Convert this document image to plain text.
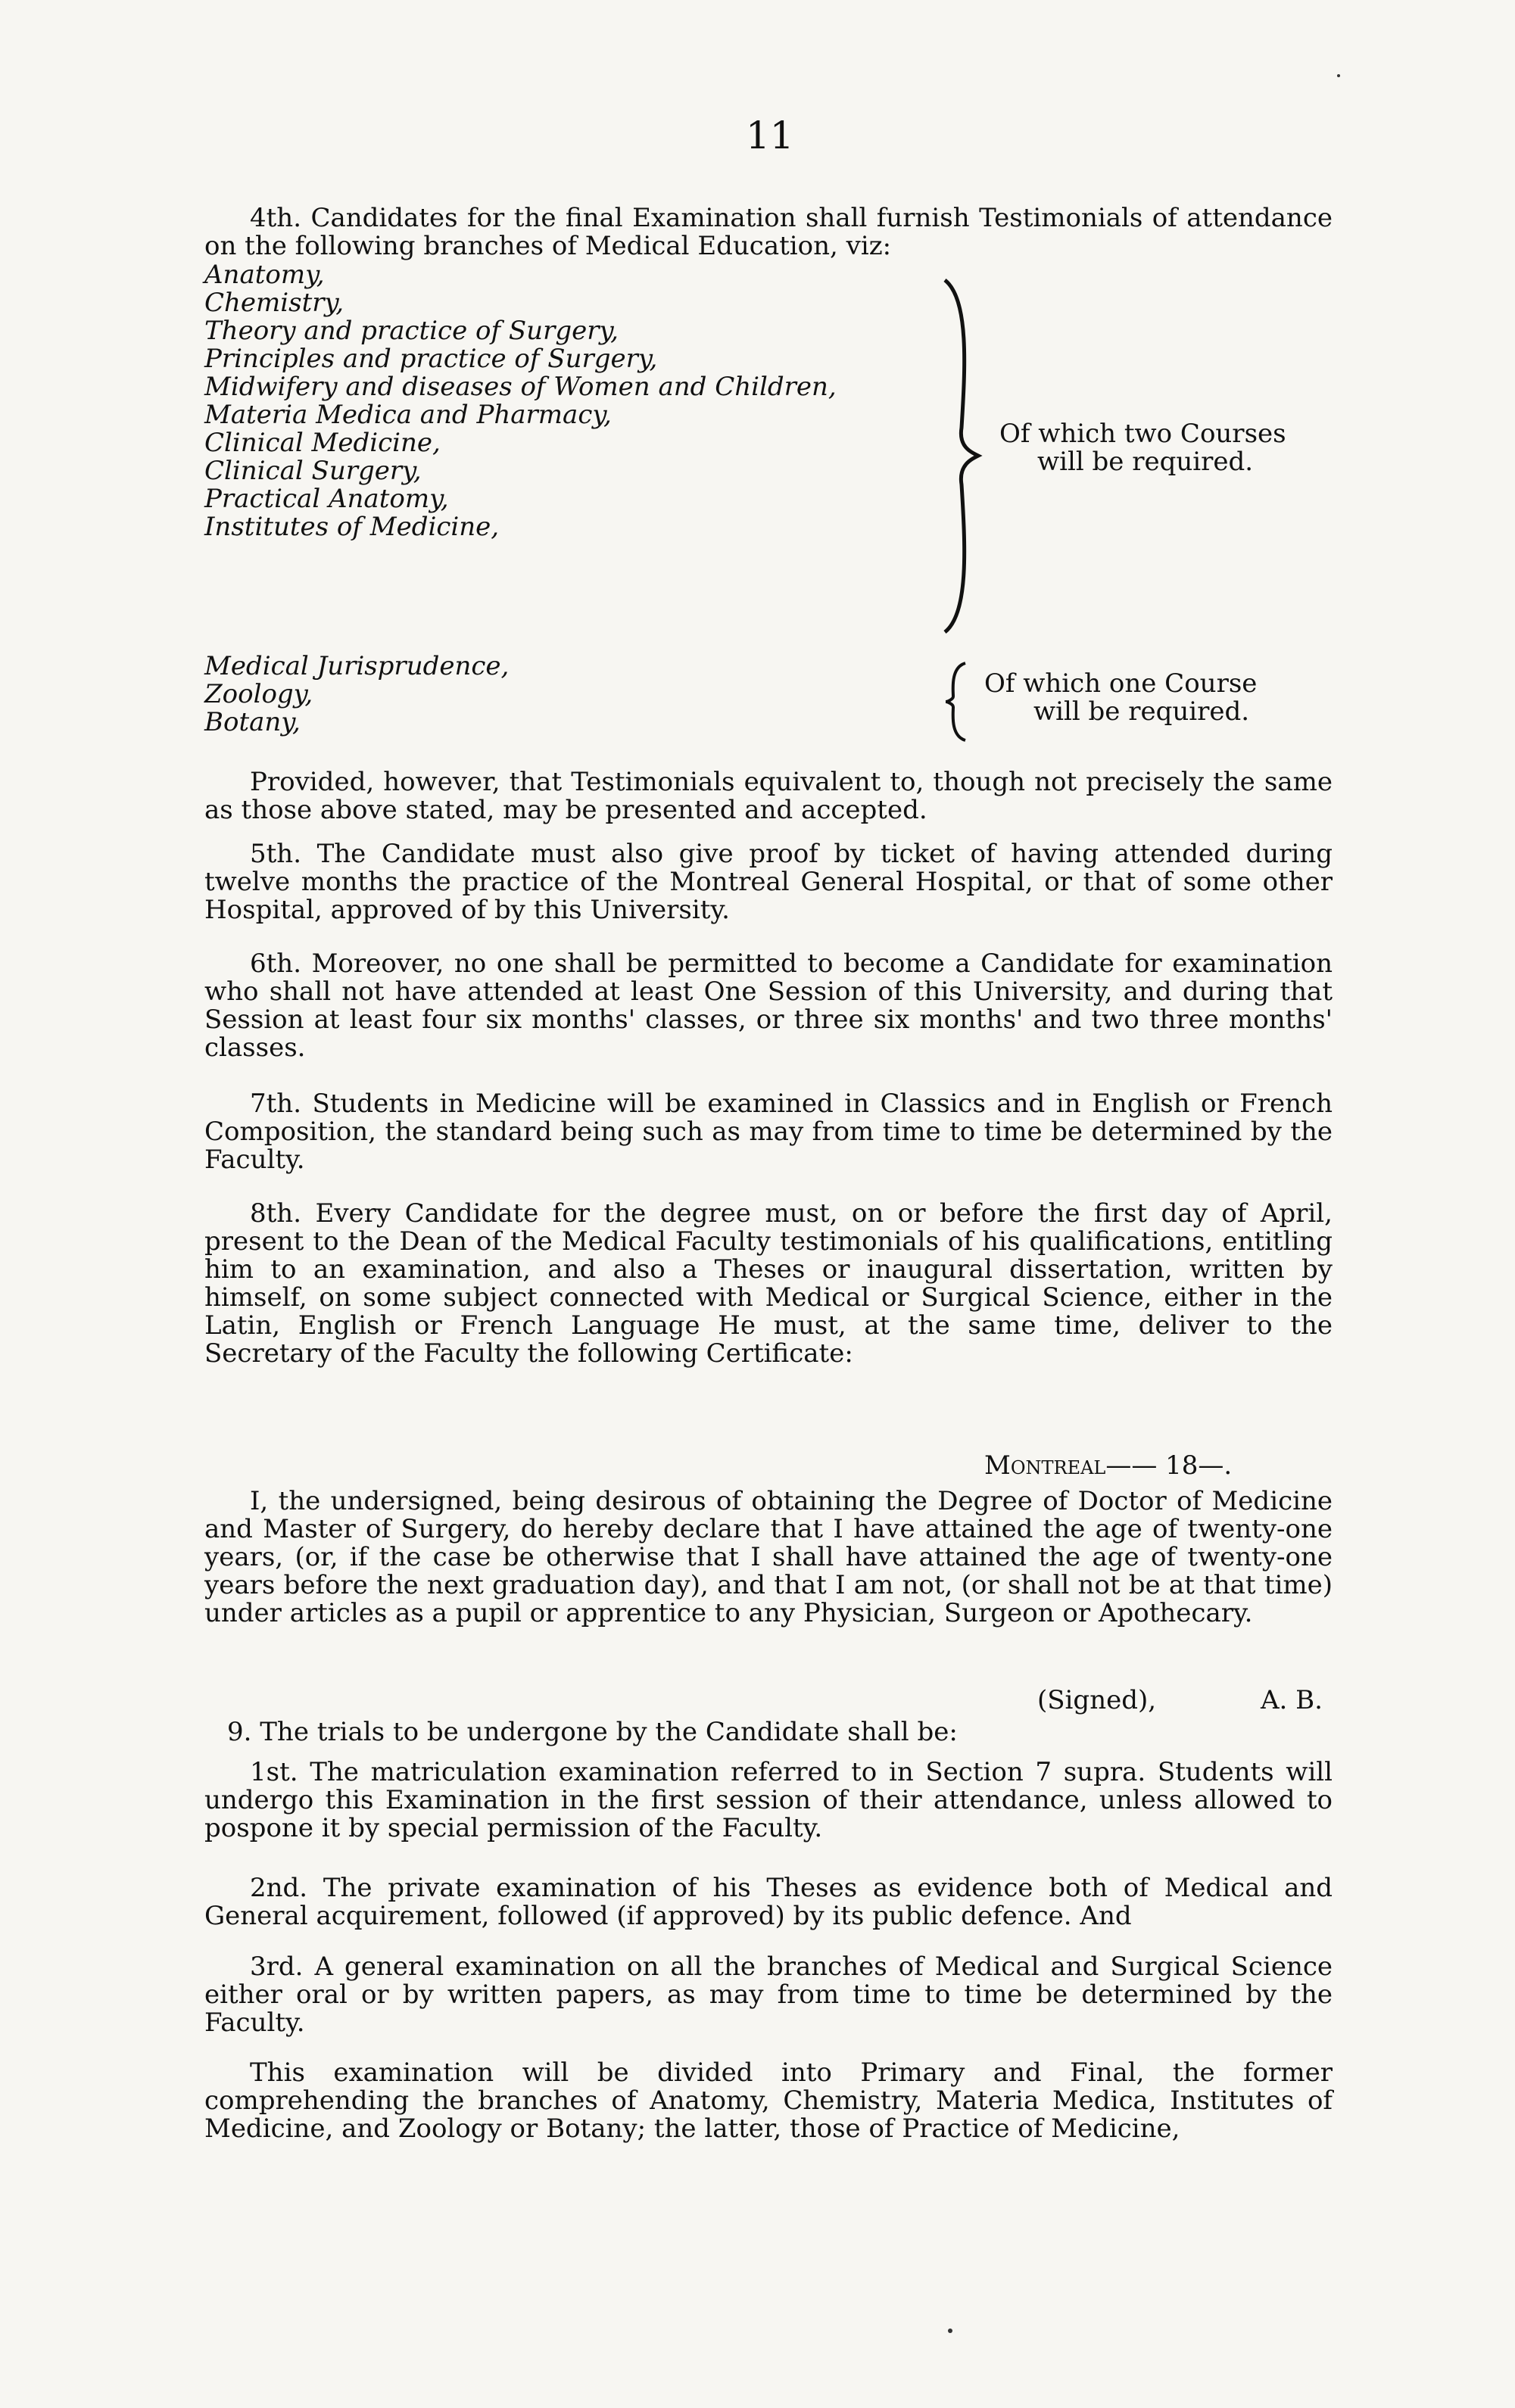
11

4th. Candidates for the final Examination shall furnish Testimonials of attendance on the following branches of Medical Education, viz:

Anatomy,
Chemistry,
Theory and practice of Surgery,
Principles and practice of Surgery,
Midwifery and diseases of Women and Children,
Materia Medica and Pharmacy,
Clinical Medicine,
Clinical Surgery,
Practical Anatomy,
Institutes of Medicine,
Of which two Courses
will be required.
Medical Jurisprudence,
Zoology,
Botany,
Of which one Course
will be required.

Provided, however, that Testimonials equivalent to, though not precisely the same as those above stated, may be presented and accepted.

5th. The Candidate must also give proof by ticket of having attended during twelve months the practice of the Montreal General Hospital, or that of some other Hospital, approved of by this University.

6th. Moreover, no one shall be permitted to become a Candidate for examination who shall not have attended at least One Session of this University, and during that Session at least four six months' classes, or three six months' and two three months' classes.

7th. Students in Medicine will be examined in Classics and in English or French Composition, the standard being such as may from time to time be determined by the Faculty.

8th. Every Candidate for the degree must, on or before the first day of April, present to the Dean of the Medical Faculty testimonials of his qualifications, entitling him to an examination, and also a Theses or inaugural dissertation, written by himself, on some subject connected with Medical or Surgical Science, either in the Latin, English or French Language He must, at the same time, deliver to the Secretary of the Faculty the following Certificate:

Montreal—— 18—.

I, the undersigned, being desirous of obtaining the Degree of Doctor of Medicine and Master of Surgery, do hereby declare that I have attained the age of twenty-one years, (or, if the case be otherwise that I shall have attained the age of twenty-one years before the next graduation day), and that I am not, (or shall not be at that time) under articles as a pupil or apprentice to any Physician, Surgeon or Apothecary.

(Signed),	A. B.

9. The trials to be undergone by the Candidate shall be:

1st. The matriculation examination referred to in Section 7 supra. Students will undergo this Examination in the first session of their attendance, unless allowed to pospone it by special permission of the Faculty.

2nd. The private examination of his Theses as evidence both of Medical and General acquirement, followed (if approved) by its public defence. And

3rd. A general examination on all the branches of Medical and Surgical Science either oral or by written papers, as may from time to time be determined by the Faculty.

This examination will be divided into Primary and Final, the former comprehending the branches of Anatomy, Chemistry, Materia Medica, Institutes of Medicine, and Zoology or Botany; the latter, those of Practice of Medicine,
